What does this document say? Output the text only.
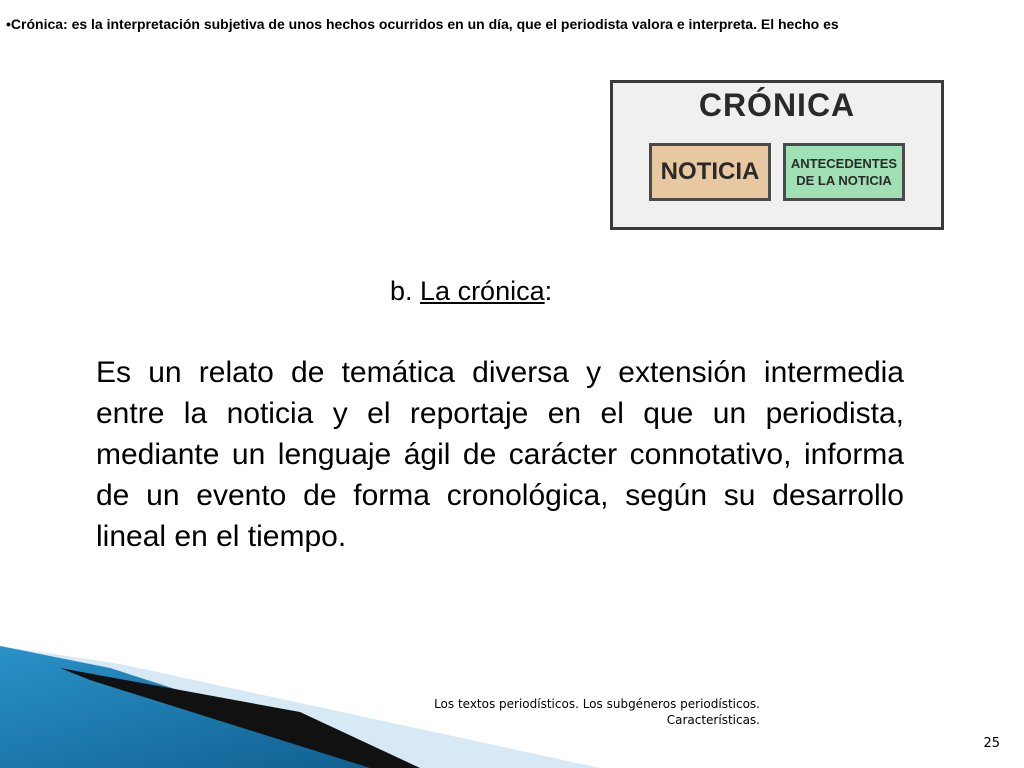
•Crónica: es la interpretación subjetiva de unos hechos ocurridos en un día, que el periodista valora e interpreta. El hecho es
CRÓNICA
NOTICIA	ANTECEDENTES DE LA NOTICIA
b. La crónica:
Es un relato de temática diversa y extensión intermedia entre la noticia y el reportaje en el que un periodista, mediante un lenguaje ágil de carácter connotativo, informa de un evento de forma cronológica, según su desarrollo lineal en el tiempo.
Los textos periodísticos. Los subgéneros periodísticos.
Características.
25
